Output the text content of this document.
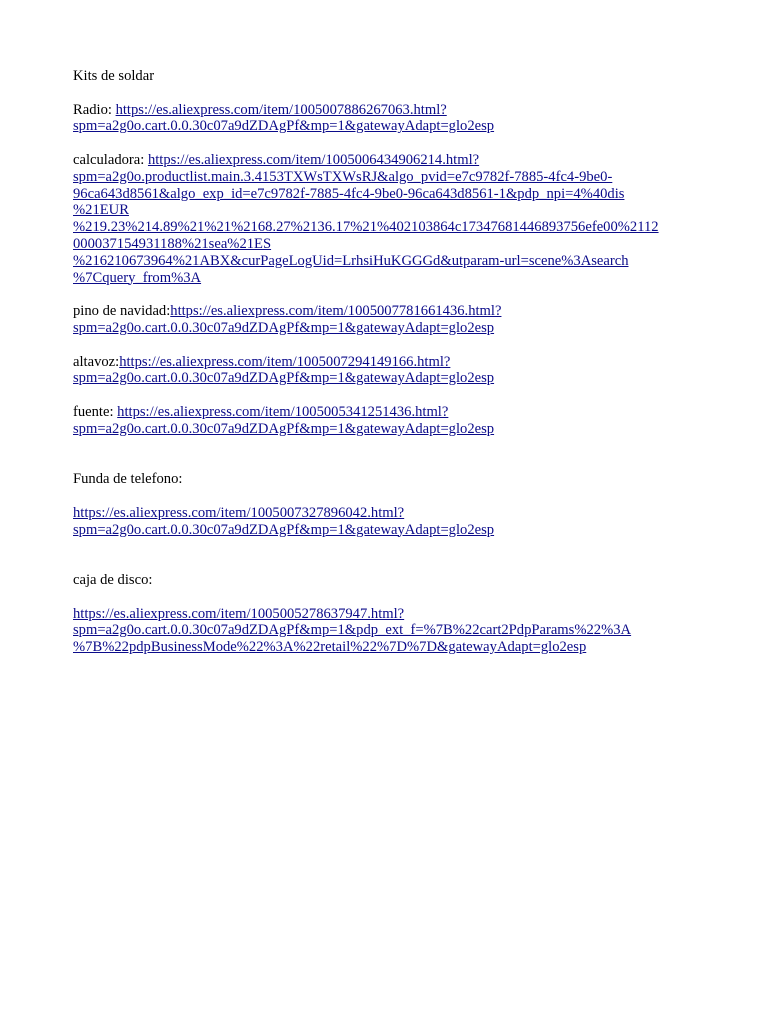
Kits de soldar

Radio: https://es.aliexpress.com/item/1005007886267063.html?
spm=a2g0o.cart.0.0.30c07a9dZDAgPf&mp=1&gatewayAdapt=glo2esp

calculadora: https://es.aliexpress.com/item/1005006434906214.html?
spm=a2g0o.productlist.main.3.4153TXWsTXWsRJ&algo_pvid=e7c9782f-7885-4fc4-9be0-
96ca643d8561&algo_exp_id=e7c9782f-7885-4fc4-9be0-96ca643d8561-1&pdp_npi=4%40dis
%21EUR
%219.23%214.89%21%21%2168.27%2136.17%21%402103864c17347681446893756efe00%2112
000037154931188%21sea%21ES
%216210673964%21ABX&curPageLogUid=LrhsiHuKGGGd&utparam-url=scene%3Asearch
%7Cquery_from%3A

pino de navidad:https://es.aliexpress.com/item/1005007781661436.html?
spm=a2g0o.cart.0.0.30c07a9dZDAgPf&mp=1&gatewayAdapt=glo2esp

altavoz:https://es.aliexpress.com/item/1005007294149166.html?
spm=a2g0o.cart.0.0.30c07a9dZDAgPf&mp=1&gatewayAdapt=glo2esp

fuente: https://es.aliexpress.com/item/1005005341251436.html?
spm=a2g0o.cart.0.0.30c07a9dZDAgPf&mp=1&gatewayAdapt=glo2esp

Funda de telefono:

https://es.aliexpress.com/item/1005007327896042.html?
spm=a2g0o.cart.0.0.30c07a9dZDAgPf&mp=1&gatewayAdapt=glo2esp

caja de disco:

https://es.aliexpress.com/item/1005005278637947.html?
spm=a2g0o.cart.0.0.30c07a9dZDAgPf&mp=1&pdp_ext_f=%7B%22cart2PdpParams%22%3A
%7B%22pdpBusinessMode%22%3A%22retail%22%7D%7D&gatewayAdapt=glo2esp
